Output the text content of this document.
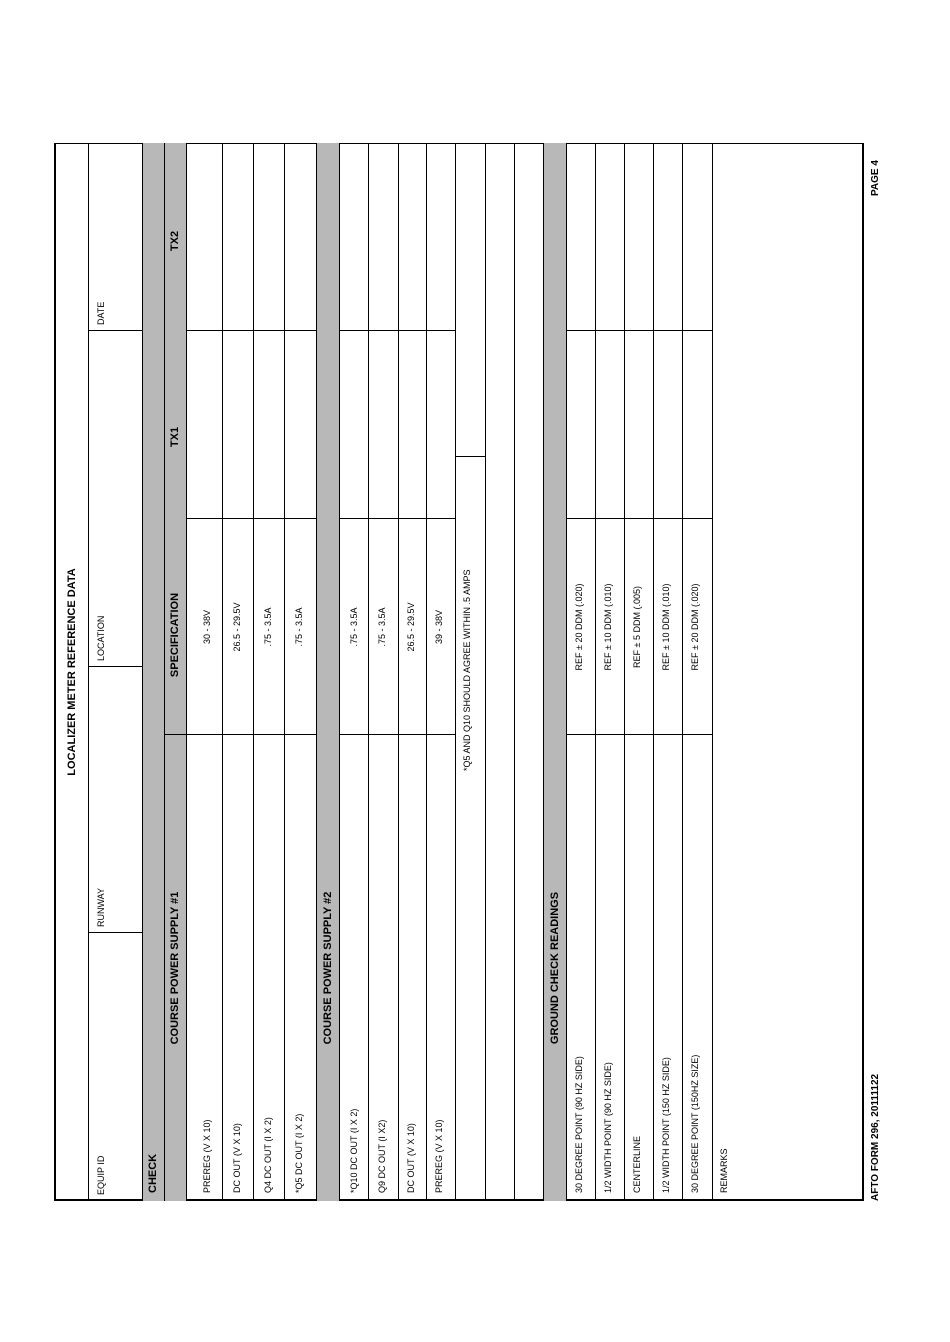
LOCALIZER METER REFERENCE DATA
EQUIP ID
RUNWAY
LOCATION
DATE
CHECK
COURSE POWER SUPPLY #1
SPECIFICATION
TX1
TX2
PREREG (V X 10)
30 - 38V
DC OUT (V X 10)
26.5 - 29.5V
Q4 DC OUT (I X 2)
.75 - 3.5A
*Q5 DC OUT (I X 2)
.75 - 3.5A
COURSE POWER SUPPLY #2
*Q10 DC OUT (I X 2)
.75 - 3.5A
Q9 DC OUT (I X2)
.75 - 3.5A
DC OUT (V X 10)
26.5 - 29.5V
PREREG (V X 10)
39 - 38V *Q5 AND Q10 SHOULD AGREE WITHIN .5 AMPS
GROUND CHECK READINGS
30 DEGREE POINT (90 HZ SIDE)
REF ± 20 DDM (.020)
1/2 WIDTH POINT (90 HZ SIDE)
REF ± 10 DDM (.010)
CENTERLINE
REF ± 5 DDM (.005)
1/2 WIDTH POINT (150 HZ SIDE)
REF ± 10 DDM (.010)
30 DEGREE POINT (150HZ SIZE)
REF ± 20 DDM (.020)
REMARKS	AFTO FORM 296, 20111122
PAGE 4
